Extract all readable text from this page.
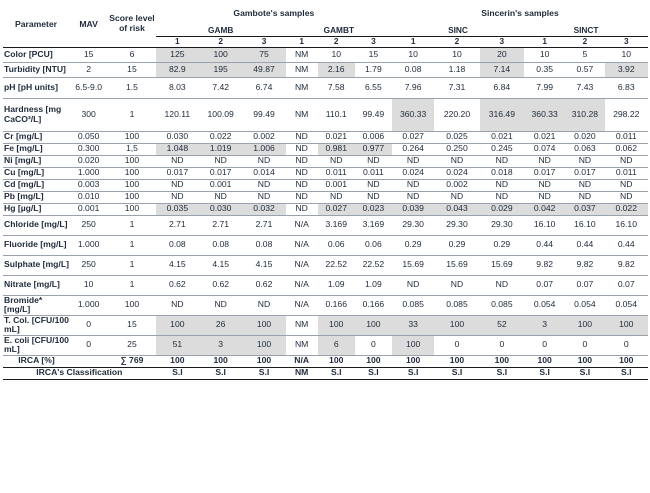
Parameter	MAV	Score level of risk	Gambote's samples						Sincerin's samples					
			GAMB			GAMBT			SINC			SINCT		
			1	2	3	1	2	3	1	2	3	1	2	3
Color [PCU]	15	6	125	100	75	NM	10	15	10	10	20	10	5	10
Turbidity [NTU]	2	15	82.9	195	49.87	NM	2.16	1.79	0.08	1.18	7.14	0.35	0.57	3.92
pH [pH units]	6.5-9.0	1.5	8.03	7.42	6.74	NM	7.58	6.55	7.96	7.31	6.84	7.99	7.43	6.83
Hardness [mg CaCO³/L]	300	1	120.11	100.09	99.49	NM	110.1	99.49	360.33	220.20	316.49	360.33	310.28	298.22
Cr [mg/L]	0.050	100	0.030	0.022	0.002	ND	0.021	0.006	0.027	0.025	0.021	0.021	0.020	0.011
Fe [mg/L]	0.300	1,5	1.048	1.019	1.006	ND	0.981	0.977	0.264	0.250	0.245	0.074	0.063	0.062
Ni [mg/L]	0.020	100	ND	ND	ND	ND	ND	ND	ND	ND	ND	ND	ND	ND
Cu [mg/L]	1.000	100	0.017	0.017	0.014	ND	0.011	0.011	0.024	0.024	0.018	0.017	0.017	0.011
Cd [mg/L]	0.003	100	ND	0.001	ND	ND	0.001	ND	ND	0.002	ND	ND	ND	ND
Pb [mg/L]	0.010	100	ND	ND	ND	ND	ND	ND	ND	ND	ND	ND	ND	ND
Hg [µg/L]	0.001	100	0.035	0.030	0.032	ND	0.027	0.023	0.039	0.043	0.029	0.042	0.037	0.022
Chloride [mg/L]	250	1	2.71	2.71	2.71	N/A	3.169	3.169	29.30	29.30	29.30	16.10	16.10	16.10
Fluoride [mg/L]	1.000	1	0.08	0.08	0.08	N/A	0.06	0.06	0.29	0.29	0.29	0.44	0.44	0.44
Sulphate [mg/L]	250	1	4.15	4.15	4.15	N/A	22.52	22.52	15.69	15.69	15.69	9.82	9.82	9.82
Nitrate [mg/L]	10	1	0.62	0.62	0.62	N/A	1.09	1.09	ND	ND	ND	0.07	0.07	0.07
Bromide* [mg/L]	1.000	100	ND	ND	ND	N/A	0.166	0.166	0.085	0.085	0.085	0.054	0.054	0.054
T. Col. [CFU/100 mL]	0	15	100	26	100	NM	100	100	33	100	52	3	100	100
E. coli [CFU/100 mL]	0	25	51	3	100	NM	6	0	100	0	0	0	0	0
IRCA [%]		∑ 769	100	100	100	N/A	100	100	100	100	100	100	100	100
IRCA's Classification			S.I	S.I	S.I	NM	S.I	S.I	S.I	S.I	S.I	S.I	S.I	S.I
